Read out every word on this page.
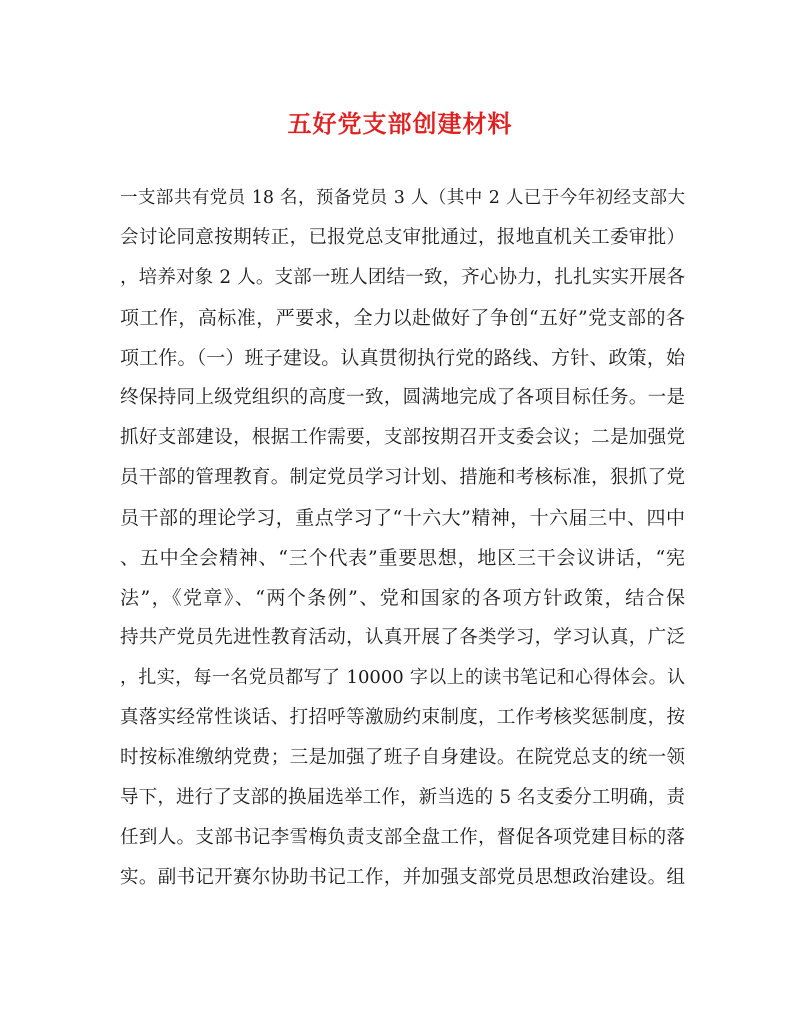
五好党支部创建材料
一支部共有党员 18 名，预备党员 3 人（其中 2 人已于今年初经支部大
会讨论同意按期转正，已报党总支审批通过，报地直机关工委审批）
，培养对象 2 人。支部一班人团结一致，齐心协力，扎扎实实开展各
项工作，高标准，严要求，全力以赴做好了争创“五好”党支部的各
项工作。（一）班子建设。认真贯彻执行党的路线、方针、政策，始
终保持同上级党组织的高度一致，圆满地完成了各项目标任务。一是
抓好支部建设，根据工作需要，支部按期召开支委会议；二是加强党
员干部的管理教育。制定党员学习计划、措施和考核标准，狠抓了党
员干部的理论学习，重点学习了“十六大”精神，十六届三中、四中
、五中全会精神、“三个代表”重要思想，地区三干会议讲话，“宪
法”，《党章》、“两个条例”、党和国家的各项方针政策，结合保
持共产党员先进性教育活动，认真开展了各类学习，学习认真，广泛
，扎实，每一名党员都写了 10000 字以上的读书笔记和心得体会。认
真落实经常性谈话、打招呼等激励约束制度，工作考核奖惩制度，按
时按标准缴纳党费；三是加强了班子自身建设。在院党总支的统一领
导下，进行了支部的换届选举工作，新当选的 5 名支委分工明确，责
任到人。支部书记李雪梅负责支部全盘工作，督促各项党建目标的落
实。副书记开赛尔协助书记工作，并加强支部党员思想政治建设。组
